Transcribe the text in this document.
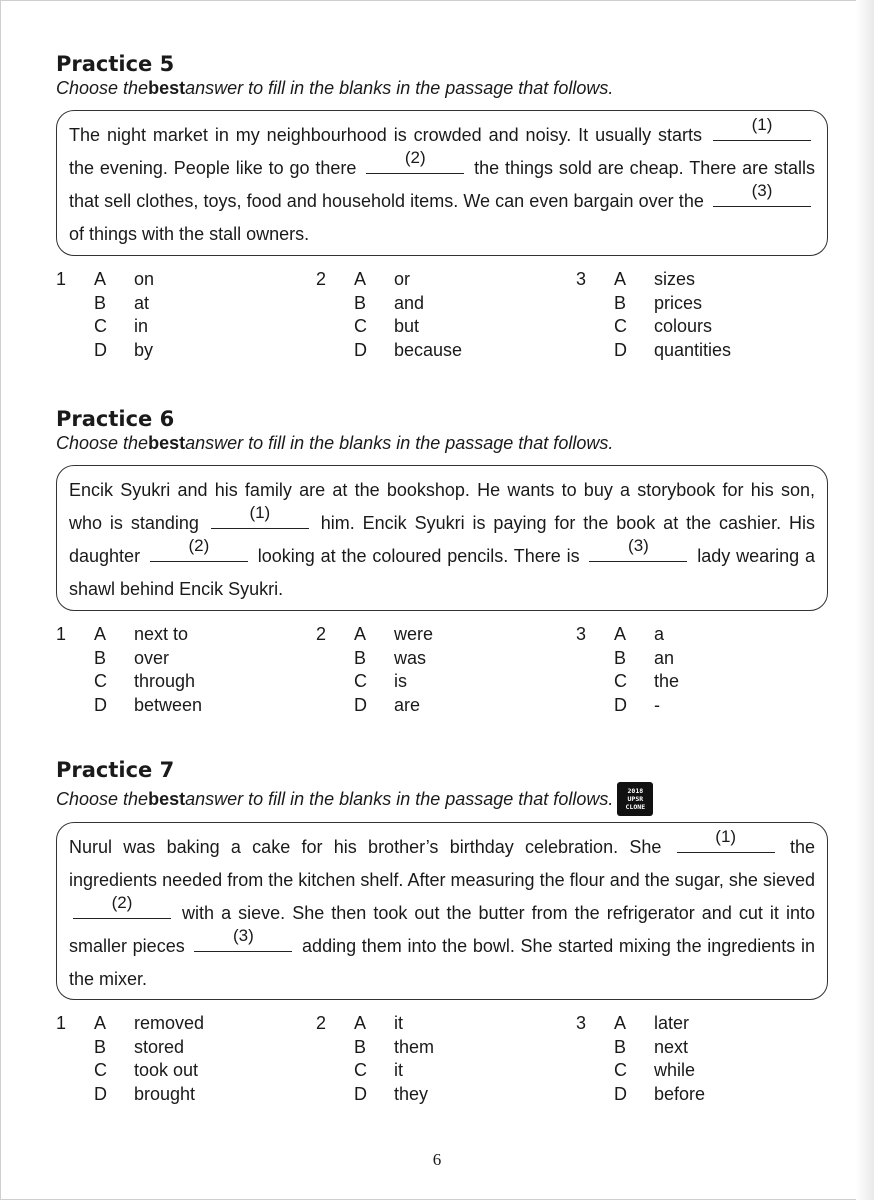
Practice 5

Choose the best answer to fill in the blanks in the passage that follows.

The night market in my neighbourhood is crowded and noisy. It usually starts
(1)
the evening. People like to go there
(2)
the things sold are cheap. There are stalls that sell clothes, toys, food and household items. We can even bargain over the
(3)
of things with the stall owners.
1 A	on
B	at
C	in
D	by
2 A	or
B	and
C	but
D	because
3 A	sizes
B	prices
C	colours
D	quantities
Practice 6

Choose the best answer to fill in the blanks in the passage that follows.

Encik Syukri and his family are at the bookshop. He wants to buy a storybook for his son, who is standing
(1)
him. Encik Syukri is paying for the book at the cashier. His daughter
(2)
looking at the coloured pencils. There is
(3)
lady wearing a shawl behind Encik Syukri.
1 A	next to
B	over
C	through
D	between
2 A	were
B	was
C	is
D	are
3 A	a
B	an
C	the
D	-
Practice 7

Choose the best answer to fill in the blanks in the passage that follows. 2018
UPSR
CLONE

Nurul was baking a cake for his brother’s birthday celebration. She
(1)
the ingredients needed from the kitchen shelf. After measuring the flour and the sugar, she sieved
(2)
with a sieve. She then took out the butter from the refrigerator and cut it into smaller pieces
(3)
adding them into the bowl. She started mixing the ingredients in the mixer.
1 A	removed
B	stored
C	took out
D	brought
2 A	it
B	them
C	it
D	they
3 A	later
B	next
C	while
D	before
6
